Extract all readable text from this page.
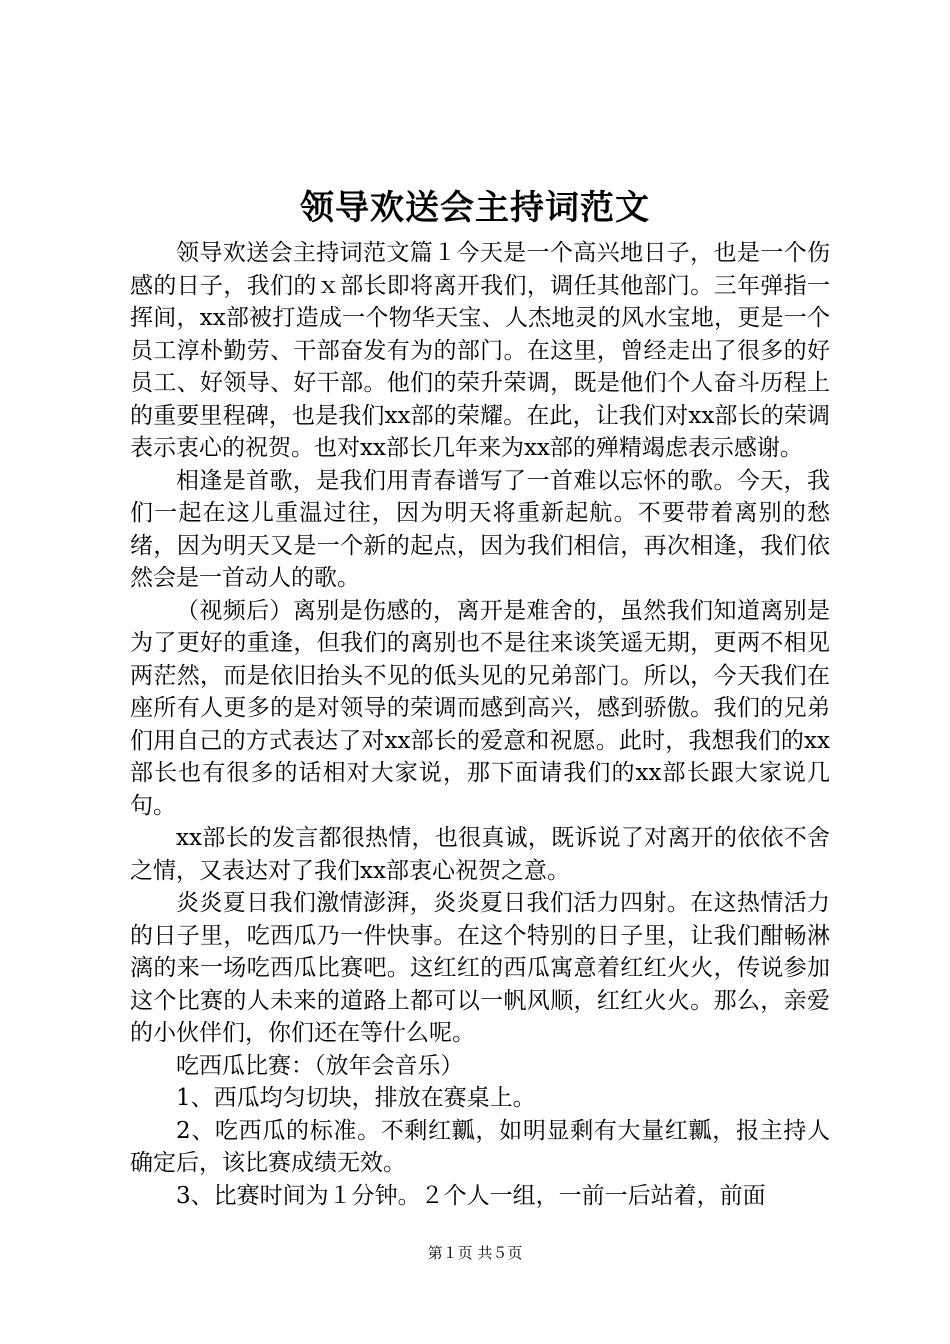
领导欢送会主持词范文

领导欢送会主持词范文篇１今天是一个高兴地日子，也是一个伤感的日子，我们的ｘ部长即将离开我们，调任其他部门。三年弹指一挥间，xx部被打造成一个物华天宝、人杰地灵的风水宝地，更是一个员工淳朴勤劳、干部奋发有为的部门。在这里，曾经走出了很多的好员工、好领导、好干部。他们的荣升荣调，既是他们个人奋斗历程上的重要里程碑，也是我们xx部的荣耀。在此，让我们对xx部长的荣调表示衷心的祝贺。也对xx部长几年来为xx部的殚精竭虑表示感谢。

相逢是首歌，是我们用青春谱写了一首难以忘怀的歌。今天，我们一起在这儿重温过往，因为明天将重新起航。不要带着离别的愁绪，因为明天又是一个新的起点，因为我们相信，再次相逢，我们依然会是一首动人的歌。

（视频后）离别是伤感的，离开是难舍的，虽然我们知道离别是为了更好的重逢，但我们的离别也不是往来谈笑遥无期，更两不相见两茫然，而是依旧抬头不见的低头见的兄弟部门。所以，今天我们在座所有人更多的是对领导的荣调而感到高兴，感到骄傲。我们的兄弟们用自己的方式表达了对xx部长的爱意和祝愿。此时，我想我们的xx部长也有很多的话相对大家说，那下面请我们的xx部长跟大家说几句。

xx部长的发言都很热情，也很真诚，既诉说了对离开的依依不舍之情，又表达对了我们xx部衷心祝贺之意。

炎炎夏日我们激情澎湃，炎炎夏日我们活力四射。在这热情活力的日子里，吃西瓜乃一件快事。在这个特别的日子里，让我们酣畅淋漓的来一场吃西瓜比赛吧。这红红的西瓜寓意着红红火火，传说参加这个比赛的人未来的道路上都可以一帆风顺，红红火火。那么，亲爱的小伙伴们，你们还在等什么呢。

吃西瓜比赛：（放年会音乐）

1、西瓜均匀切块，排放在赛桌上。

2、吃西瓜的标准。不剩红瓤，如明显剩有大量红瓤，报主持人确定后，该比赛成绩无效。

3、比赛时间为１分钟。２个人一组，一前一后站着，前面

第１页 共５页
